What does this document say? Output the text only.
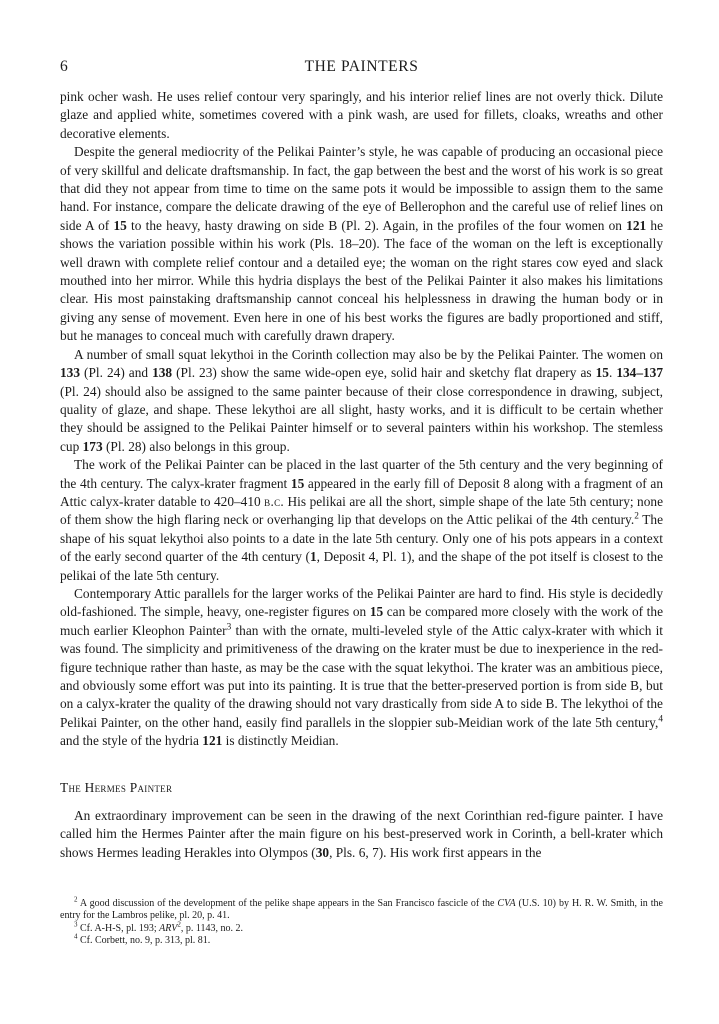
6	THE PAINTERS

pink ocher wash. He uses relief contour very sparingly, and his interior relief lines are not overly thick. Dilute glaze and applied white, sometimes covered with a pink wash, are used for fillets, cloaks, wreaths and other decorative elements.

Despite the general mediocrity of the Pelikai Painter’s style, he was capable of producing an occasional piece of very skillful and delicate draftsmanship. In fact, the gap between the best and the worst of his work is so great that did they not appear from time to time on the same pots it would be impossible to assign them to the same hand. For instance, compare the delicate drawing of the eye of Bellerophon and the careful use of relief lines on side A of 15 to the heavy, hasty drawing on side B (Pl. 2). Again, in the profiles of the four women on 121 he shows the variation possible within his work (Pls. 18–20). The face of the woman on the left is exceptionally well drawn with complete relief contour and a detailed eye; the woman on the right stares cow eyed and slack mouthed into her mirror. While this hydria displays the best of the Pelikai Painter it also makes his limitations clear. His most painstaking draftsmanship cannot conceal his helplessness in drawing the human body or in giving any sense of movement. Even here in one of his best works the figures are badly proportioned and stiff, but he manages to conceal much with carefully drawn drapery.

A number of small squat lekythoi in the Corinth collection may also be by the Pelikai Painter. The women on 133 (Pl. 24) and 138 (Pl. 23) show the same wide-open eye, solid hair and sketchy flat drapery as 15. 134–137 (Pl. 24) should also be assigned to the same painter because of their close correspondence in drawing, subject, quality of glaze, and shape. These lekythoi are all slight, hasty works, and it is difficult to be certain whether they should be assigned to the Pelikai Painter himself or to several painters within his workshop. The stemless cup 173 (Pl. 28) also belongs in this group.

The work of the Pelikai Painter can be placed in the last quarter of the 5th century and the very beginning of the 4th century. The calyx-krater fragment 15 appeared in the early fill of Deposit 8 along with a fragment of an Attic calyx-krater datable to 420–410 b.c. His pelikai are all the short, simple shape of the late 5th century; none of them show the high flaring neck or overhanging lip that develops on the Attic pelikai of the 4th century.$^2$ The shape of his squat lekythoi also points to a date in the late 5th century. Only one of his pots appears in a context of the early second quarter of the 4th century (1, Deposit 4, Pl. 1), and the shape of the pot itself is closest to the pelikai of the late 5th century.

Contemporary Attic parallels for the larger works of the Pelikai Painter are hard to find. His style is decidedly old-fashioned. The simple, heavy, one-register figures on 15 can be compared more closely with the work of the much earlier Kleophon Painter$^3$ than with the ornate, multi-leveled style of the Attic calyx-krater with which it was found. The simplicity and primitiveness of the drawing on the krater must be due to inexperience in the red-figure technique rather than haste, as may be the case with the squat lekythoi. The krater was an ambitious piece, and obviously some effort was put into its painting. It is true that the better-preserved portion is from side B, but on a calyx-krater the quality of the drawing should not vary drastically from side A to side B. The lekythoi of the Pelikai Painter, on the other hand, easily find parallels in the sloppier sub-Meidian work of the late 5th century,$^4$ and the style of the hydria 121 is distinctly Meidian.

The Hermes Painter

An extraordinary improvement can be seen in the drawing of the next Corinthian red-figure painter. I have called him the Hermes Painter after the main figure on his best-preserved work in Corinth, a bell-krater which shows Hermes leading Herakles into Olympos (30, Pls. 6, 7). His work first appears in the

$^2$ A good discussion of the development of the pelike shape appears in the San Francisco fascicle of the CVA (U.S. 10) by H. R. W. Smith, in the entry for the Lambros pelike, pl. 20, p. 41.

$^3$ Cf. A-H-S, pl. 193; ARV$^2$, p. 1143, no. 2.

$^4$ Cf. Corbett, no. 9, p. 313, pl. 81.
